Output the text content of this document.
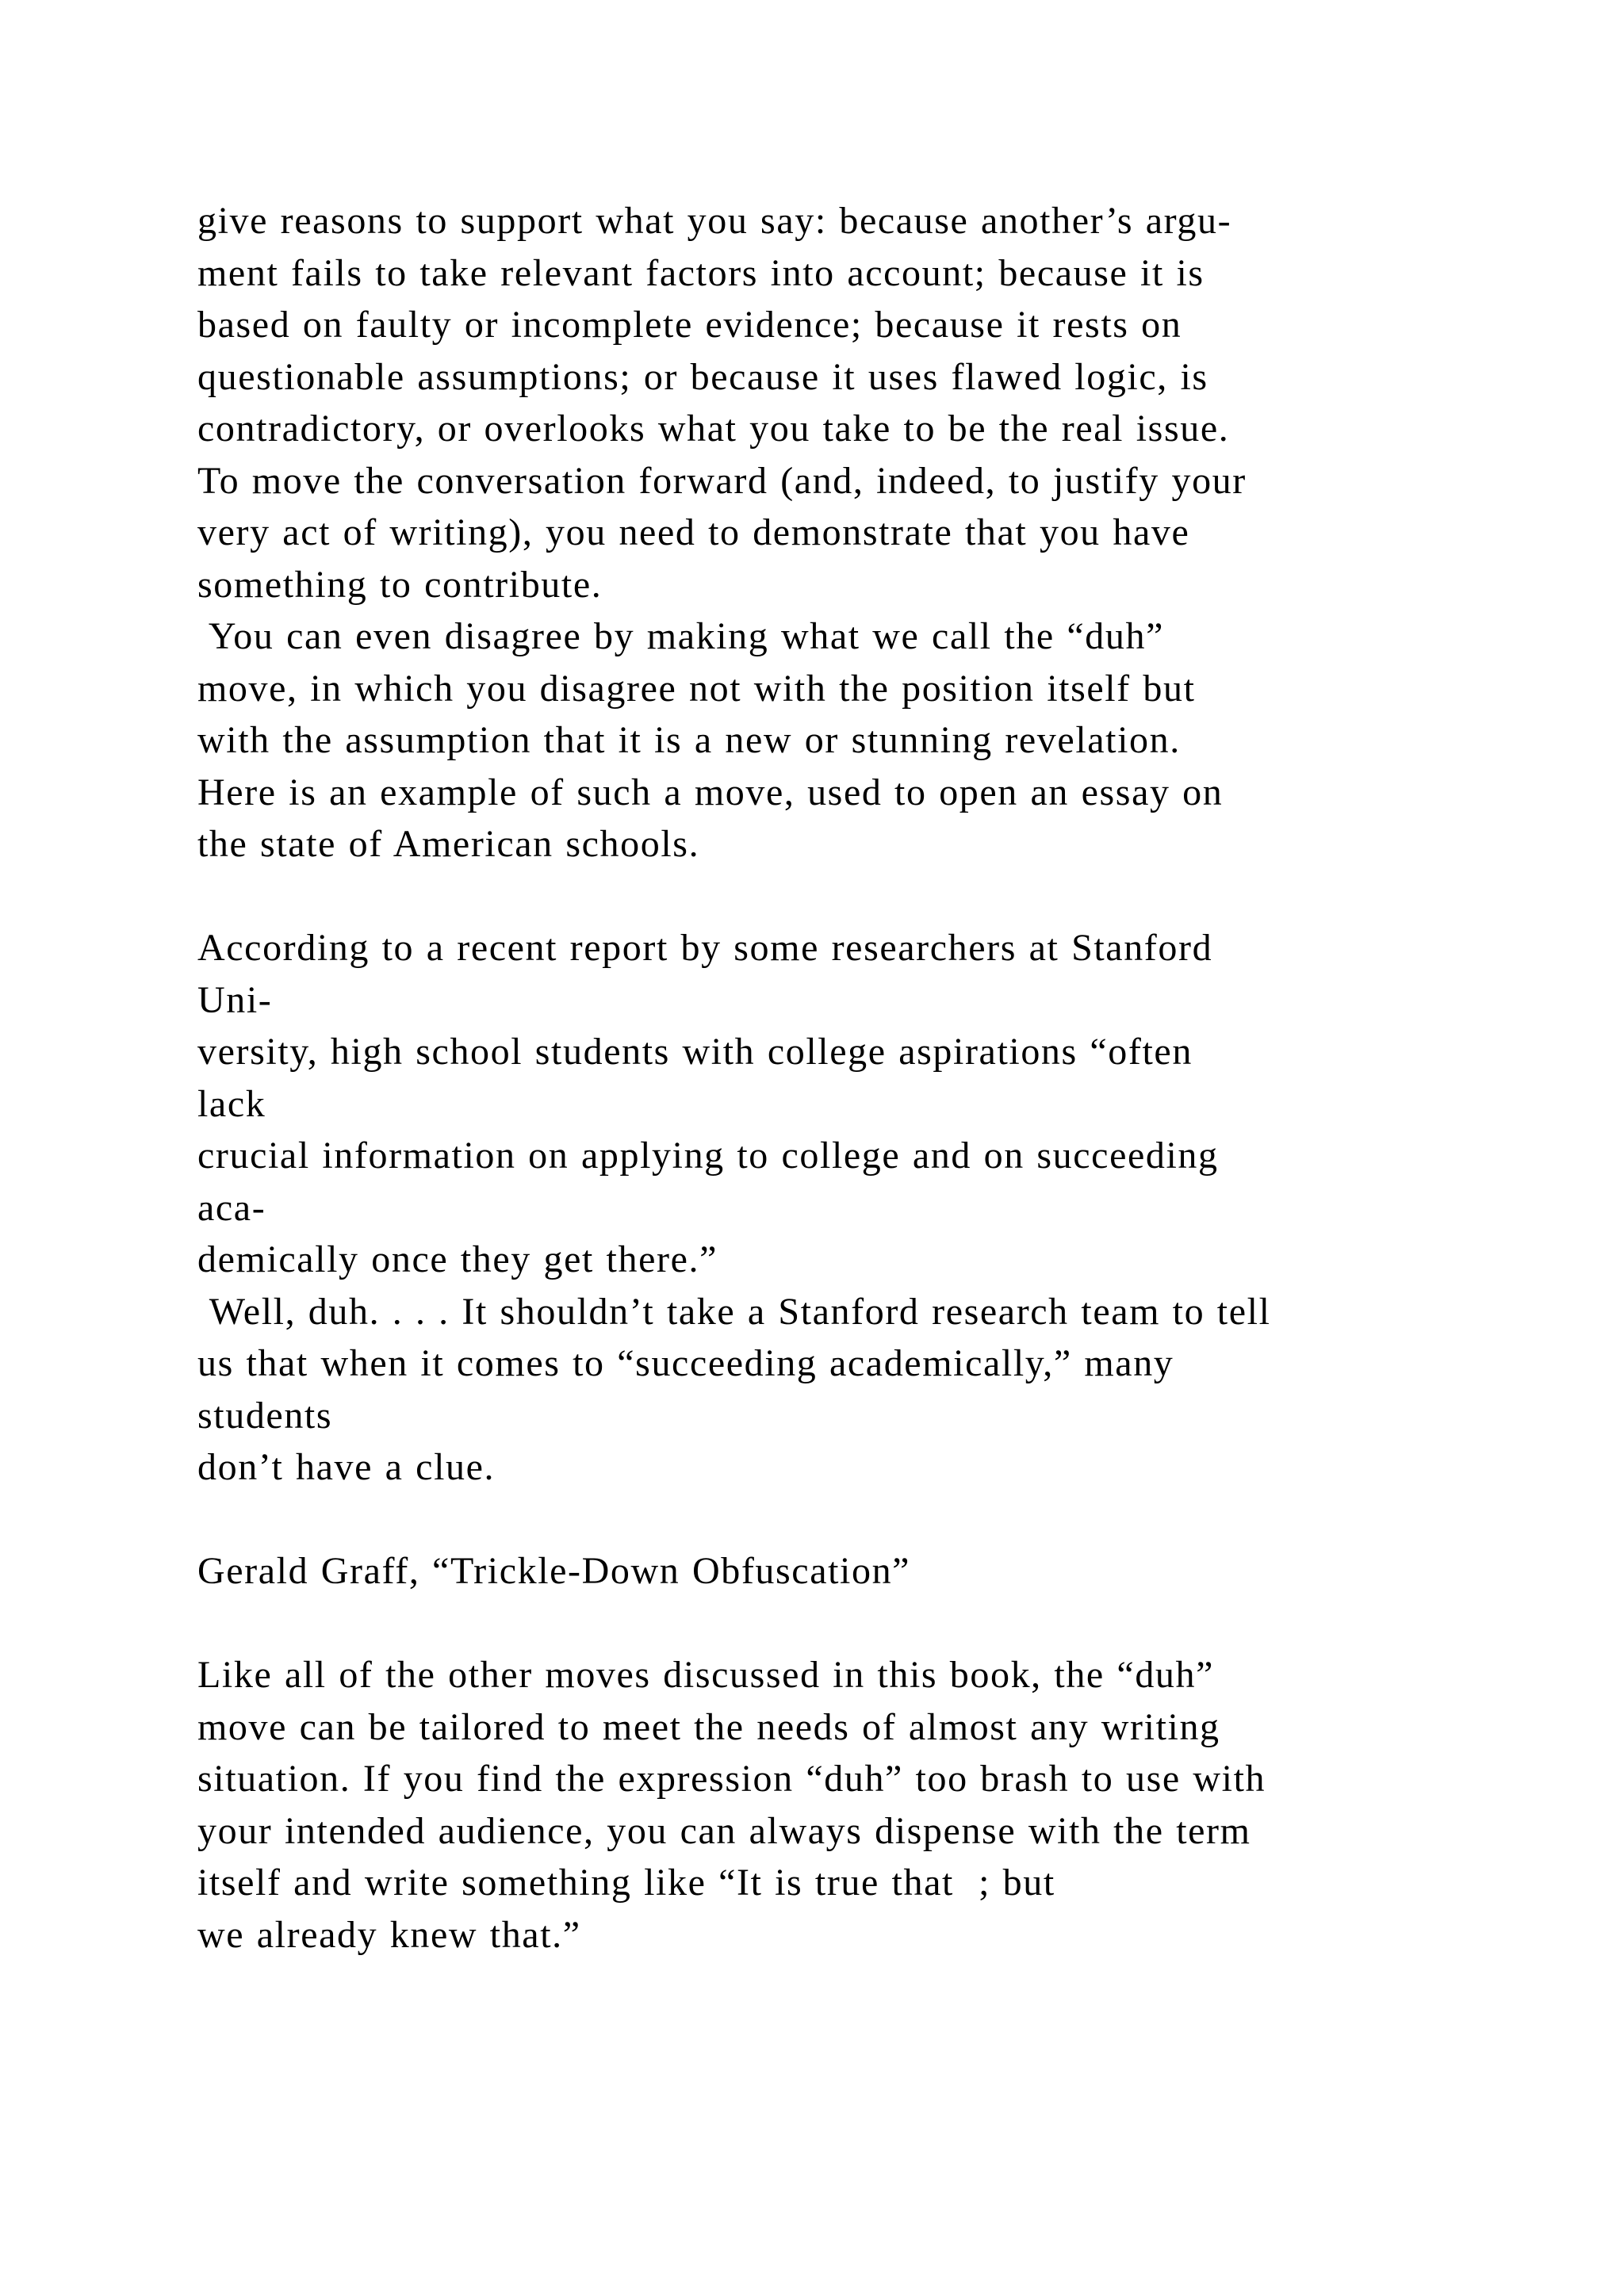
give reasons to support what you say: because another’s argu-
ment fails to take relevant factors into account; because it is
based on faulty or incomplete evidence; because it rests on
questionable assumptions; or because it uses flawed logic, is
contradictory, or overlooks what you take to be the real issue.
To move the conversation forward (and, indeed, to justify your
very act of writing), you need to demonstrate that you have
something to contribute.
You can even disagree by making what we call the “duh”
move, in which you disagree not with the position itself but
with the assumption that it is a new or stunning revelation.
Here is an example of such a move, used to open an essay on
the state of American schools.
According to a recent report by some researchers at Stanford
Uni-
versity, high school students with college aspirations “often
lack
crucial information on applying to college and on succeeding
aca-
demically once they get there.”
Well, duh. . . . It shouldn’t take a Stanford research team to tell
us that when it comes to “succeeding academically,” many
students
don’t have a clue.
Gerald Graff, “Trickle-Down Obfuscation”
Like all of the other moves discussed in this book, the “duh”
move can be tailored to meet the needs of almost any writing
situation. If you find the expression “duh” too brash to use with
your intended audience, you can always dispense with the term
itself and write something like “It is true that  ; but
we already knew that.”
